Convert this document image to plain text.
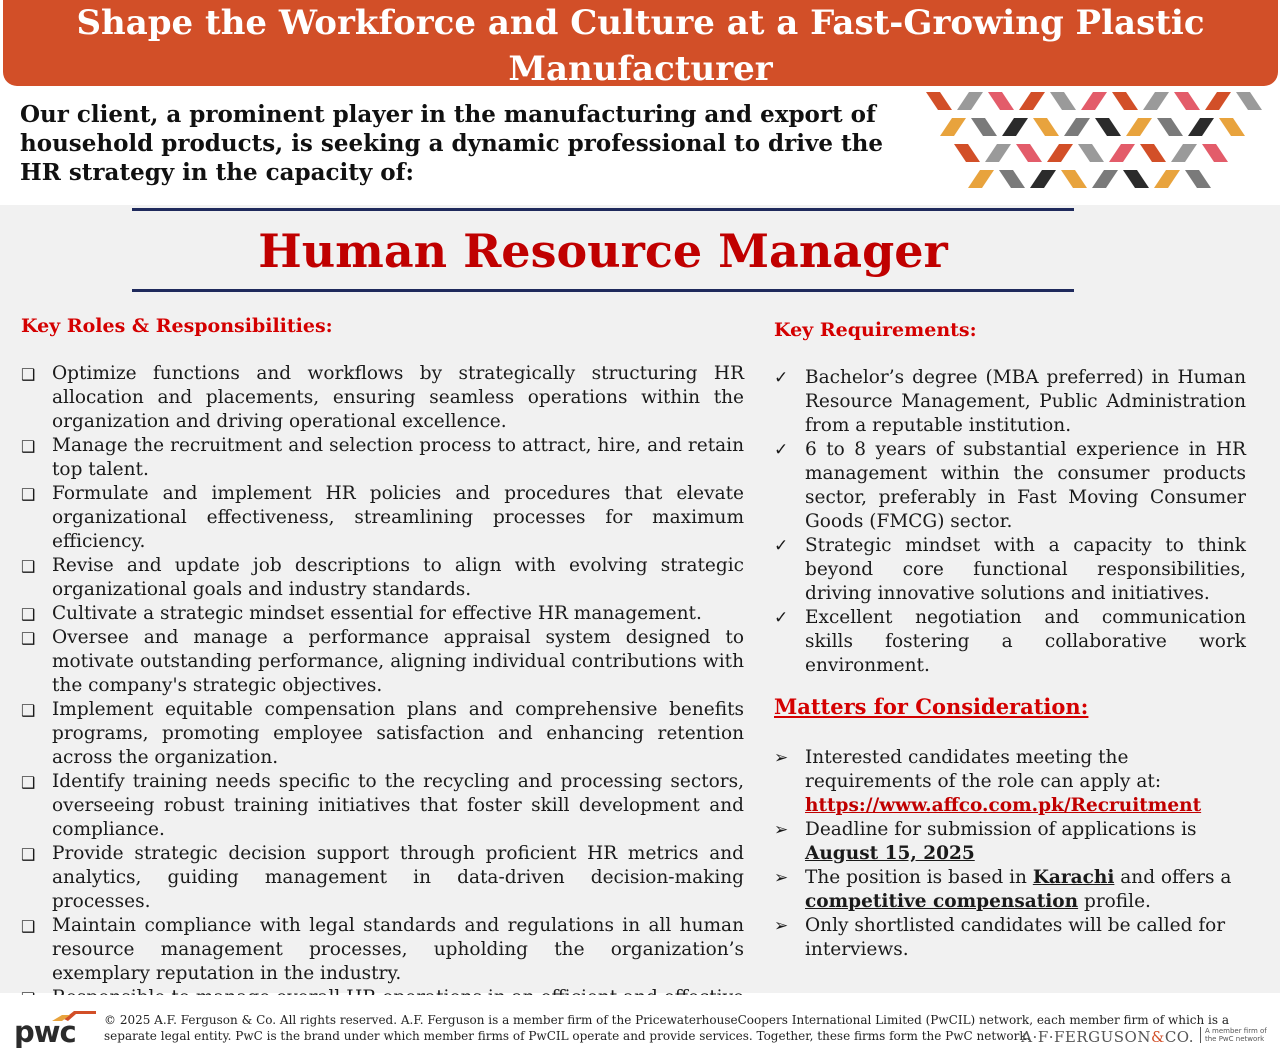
Shape the Workforce and Culture at a Fast-Growing Plastic
Manufacturer
Our client, a prominent player in the manufacturing and export of household products, is seeking a dynamic professional to drive the HR strategy in the capacity of:
Human Resource Manager
Key Roles & Responsibilities:
❑ Optimize functions and workflows by strategically structuring HR allocation and placements, ensuring seamless operations within the organization and driving operational excellence.
❑ Manage the recruitment and selection process to attract, hire, and retain top talent.
❑ Formulate and implement HR policies and procedures that elevate organizational effectiveness, streamlining processes for maximum efficiency.
❑ Revise and update job descriptions to align with evolving strategic organizational goals and industry standards.
❑ Cultivate a strategic mindset essential for effective HR management.
❑ Oversee and manage a performance appraisal system designed to motivate outstanding performance, aligning individual contributions with the company's strategic objectives.
❑ Implement equitable compensation plans and comprehensive benefits programs, promoting employee satisfaction and enhancing retention across the organization.
❑ Identify training needs specific to the recycling and processing sectors, overseeing robust training initiatives that foster skill development and compliance.
❑ Provide strategic decision support through proficient HR metrics and analytics, guiding management in data-driven decision-making processes.
❑ Maintain compliance with legal standards and regulations in all human resource management processes, upholding the organization’s exemplary reputation in the industry.
Key Requirements:
✓ Bachelor’s degree (MBA preferred) in Human Resource Management, Public Administration from a reputable institution.
✓ 6 to 8 years of substantial experience in HR management within the consumer products sector, preferably in Fast Moving Consumer Goods (FMCG) sector.
✓ Strategic mindset with a capacity to think beyond core functional responsibilities, driving innovative solutions and initiatives.
✓ Excellent negotiation and communication skills fostering a collaborative work environment.
Matters for Consideration:
➢ Interested candidates meeting the requirements of the role can apply at:
https://www.affco.com.pk/Recruitment
➢ Deadline for submission of applications is
August 15, 2025
➢ The position is based in Karachi and offers a
competitive compensation profile.
➢ Only shortlisted candidates will be called for interviews.
pwc © 2025 A.F. Ferguson & Co. All rights reserved. A.F. Ferguson is a member firm of the PricewaterhouseCoopers International Limited (PwCIL) network, each member firm of which is a separate legal entity. PwC is the brand under which member firms of PwCIL operate and provide services. Together, these firms form the PwC network.
A·F·FERGUSON&CO.	A member firm of the PwC network
